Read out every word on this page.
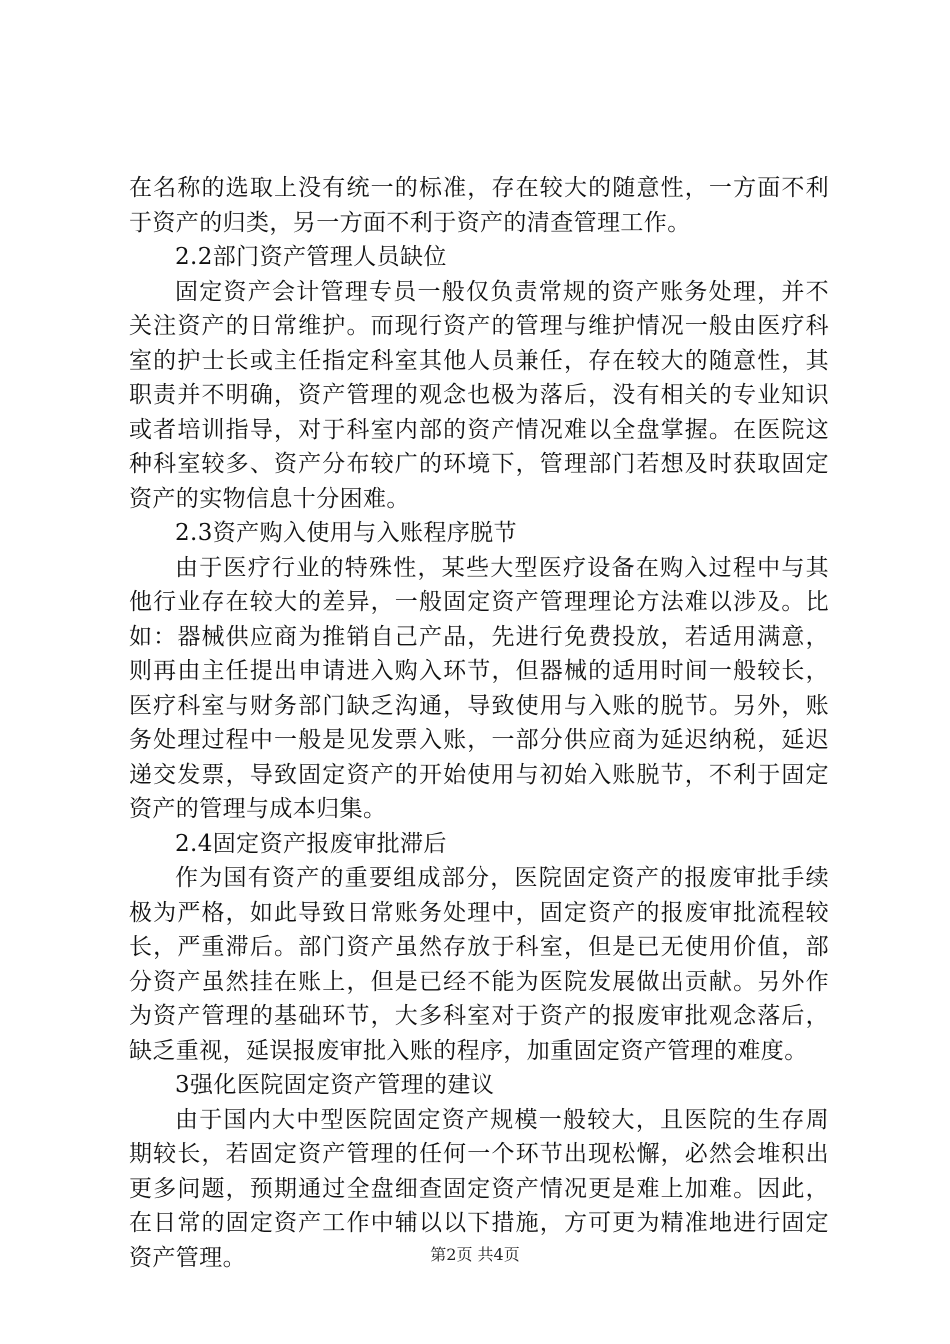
在名称的选取上没有统一的标准，存在较大的随意性，一方面不利于资产的归类，另一方面不利于资产的清查管理工作。

2.2部门资产管理人员缺位

固定资产会计管理专员一般仅负责常规的资产账务处理，并不关注资产的日常维护。而现行资产的管理与维护情况一般由医疗科室的护士长或主任指定科室其他人员兼任，存在较大的随意性，其职责并不明确，资产管理的观念也极为落后，没有相关的专业知识或者培训指导，对于科室内部的资产情况难以全盘掌握。在医院这种科室较多、资产分布较广的环境下，管理部门若想及时获取固定资产的实物信息十分困难。

2.3资产购入使用与入账程序脱节

由于医疗行业的特殊性，某些大型医疗设备在购入过程中与其他行业存在较大的差异，一般固定资产管理理论方法难以涉及。比如：器械供应商为推销自己产品，先进行免费投放，若适用满意，则再由主任提出申请进入购入环节，但器械的适用时间一般较长，医疗科室与财务部门缺乏沟通，导致使用与入账的脱节。另外，账务处理过程中一般是见发票入账，一部分供应商为延迟纳税，延迟递交发票，导致固定资产的开始使用与初始入账脱节，不利于固定资产的管理与成本归集。

2.4固定资产报废审批滞后

作为国有资产的重要组成部分，医院固定资产的报废审批手续极为严格，如此导致日常账务处理中，固定资产的报废审批流程较长，严重滞后。部门资产虽然存放于科室，但是已无使用价值，部分资产虽然挂在账上，但是已经不能为医院发展做出贡献。另外作为资产管理的基础环节，大多科室对于资产的报废审批观念落后，缺乏重视，延误报废审批入账的程序，加重固定资产管理的难度。

3强化医院固定资产管理的建议

由于国内大中型医院固定资产规模一般较大，且医院的生存周期较长，若固定资产管理的任何一个环节出现松懈，必然会堆积出更多问题，预期通过全盘细查固定资产情况更是难上加难。因此，在日常的固定资产工作中辅以以下措施，方可更为精准地进行固定资产管理。	第2页 共4页
